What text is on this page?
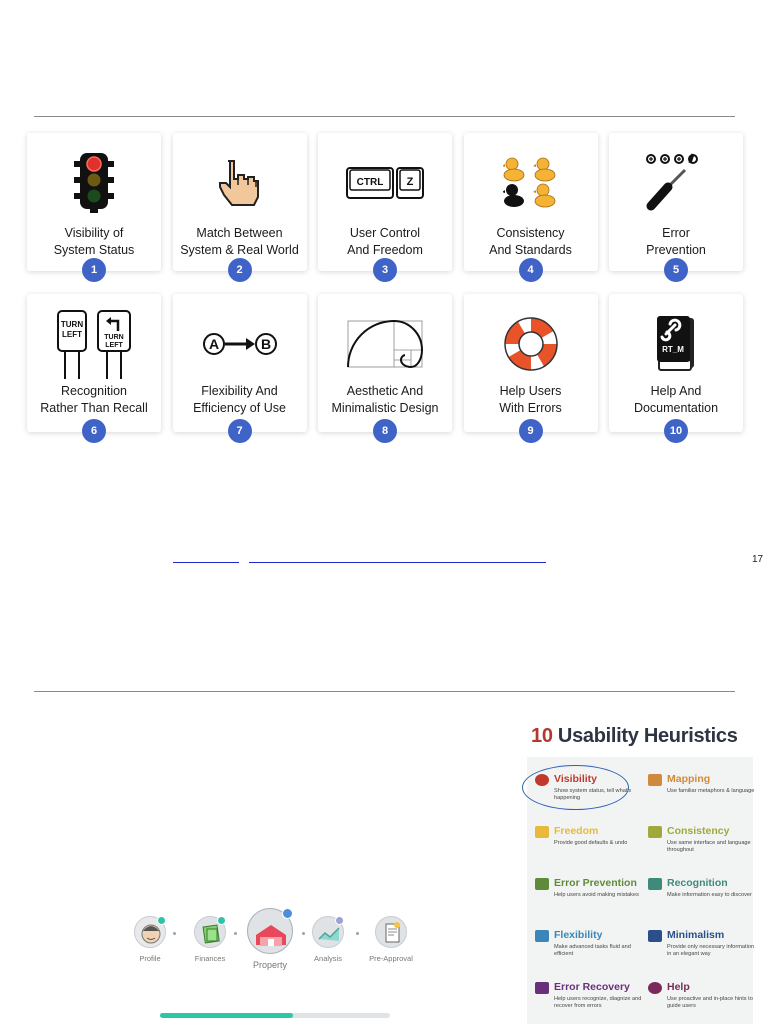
Visibility of
System Status
1
Match Between
System & Real World
2
CTRL Z
User Control
And Freedom
3
Consistency
And Standards
4
Error
Prevention
5
TURN
LEFT	TURN
LEFT
Recognition
Rather Than Recall
6
A	B
Flexibility And
Efficiency of Use
7
Aesthetic And
Minimalistic Design
8
Help Users
With Errors
9
RT_M
Help And
Documentation
10
17
Profile	Finances
Property
Analysis	Pre-Approval
10 Usability Heuristics
Visibility
Show system status, tell what's happening
Mapping
Use familiar metaphors & language
Freedom
Provide good defaults & undo
Consistency
Use same interface and language throughout
Error Prevention
Help users avoid making mistakes
Recognition
Make information easy to discover
Flexibility
Make advanced tasks fluid and efficient
Minimalism
Provide only necessary information in an elegant way
Error Recovery
Help users recognize, diagnize and recover from errors
Help
Use proactive and in-place hints to guide users
